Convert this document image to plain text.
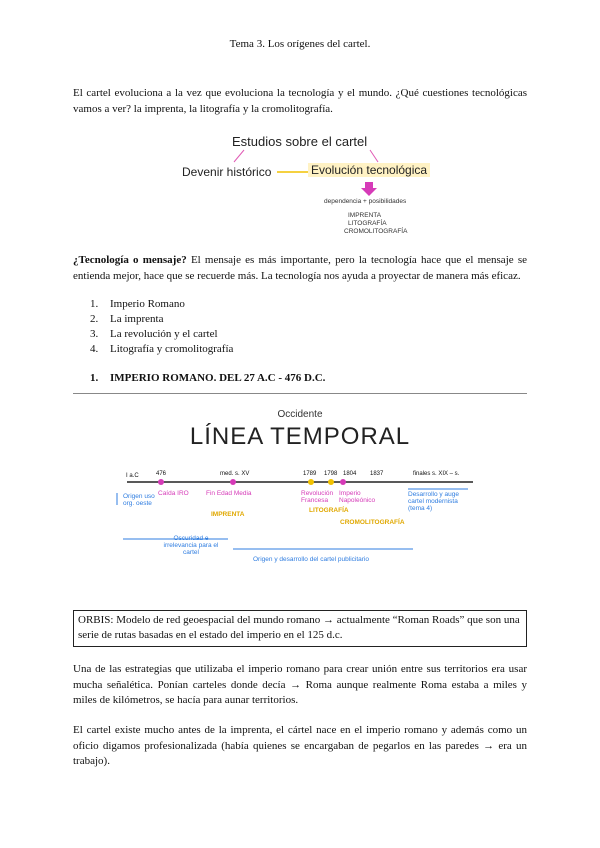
Tema 3. Los orígenes del cartel.
El cartel evoluciona a la vez que evoluciona la tecnología y el mundo. ¿Qué cuestiones tecnológicas vamos a ver? la imprenta, la litografía y la cromolitografía.
Estudios sobre el cartel
Devenir histórico	Evolución tecnológica
dependencia + posibilidades
IMPRENTA
LITOGRAFÍA
CROMOLITOGRAFÍA
¿Tecnología o mensaje? El mensaje es más importante, pero la tecnología hace que el mensaje se entienda mejor, hace que se recuerde más. La tecnología nos ayuda a proyectar de manera más eficaz.
1. Imperio Romano
2. La imprenta
3. La revolución y el cartel
4. Litografía y cromolitografía
1. IMPERIO ROMANO. DEL 27 A.C - 476 D.C.
Occidente
LÍNEA TEMPORAL
I a.C	476	med. s. XV	1789 1798 1804 1837	finales s. XIX – s.
Origen uso org. oeste
Caída IRO	Fin Edad Media	Revolución Francesa
Imperio Napoleónico
Desarrollo y auge cartel modernista (tema 4)
IMPRENTA
LITOGRAFÍA
CROMOLITOGRAFÍA
Oscuridad e irrelevancia para el cartel
Origen y desarrollo del cartel publicitario
ORBIS: Modelo de red geoespacial del mundo romano → actualmente “Roman Roads” que son una serie de rutas basadas en el estado del imperio en el 125 d.c.
Una de las estrategias que utilizaba el imperio romano para crear unión entre sus territorios era usar mucha señalética. Ponían carteles donde decía → Roma aunque realmente Roma estaba a miles y miles de kilómetros, se hacía para aunar territorios.
El cartel existe mucho antes de la imprenta, el cártel nace en el imperio romano y además como un oficio digamos profesionalizada (había quienes se encargaban de pegarlos en las paredes → era un trabajo).
